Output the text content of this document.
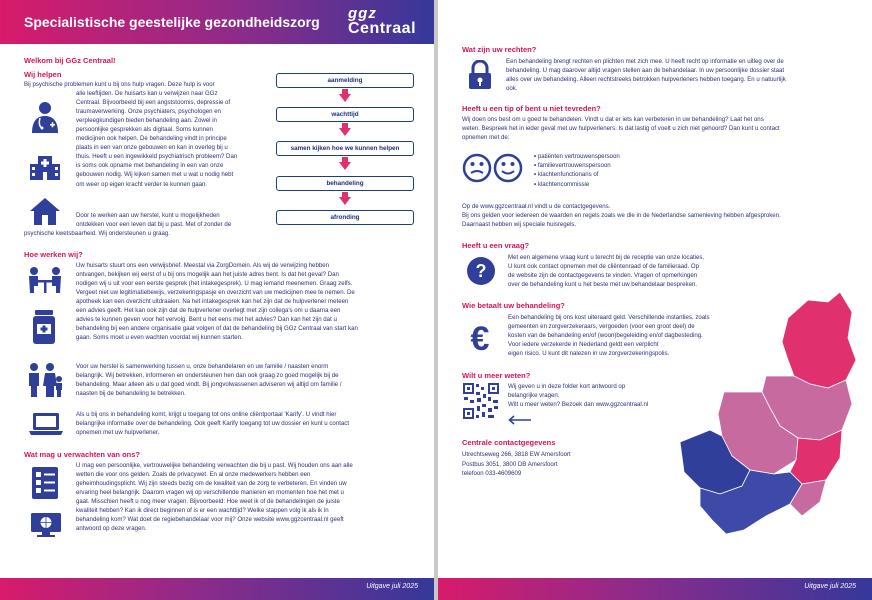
Specialistische geestelijke gezondheidszorg ggz
Centraal
Welkom bij GGz Centraal!
Wij helpen
Bij psychische problemen kunt u bij ons hulp vragen. Deze hulp is voor
alle leeftijden. De huisarts kan u verwijzen naar GGz
Centraal. Bijvoorbeeld bij een angststoornis, depressie of
traumaverwerking. Onze psychiaters, psychologen en
verpleegkundigen bieden behandeling aan. Zowel in
persoonlijke gesprekken als digitaal. Soms kunnen
medicijnen ook helpen. De behandeling vindt in principe
plaats in een van onze gebouwen en kan in overleg bij u
thuis. Heeft u een ingewikkeld psychiatrisch probleem? Dan
is soms ook opname met behandeling in een van onze
gebouwen nodig. Wij kijken samen met u wat u nodig hebt
om weer op eigen kracht verder te kunnen gaan.
Door te werken aan uw herstel, kunt u mogelijkheden
ontdekken voor een leven dat bij u past. Met of zonder de
psychische kwetsbaarheid. Wij ondersteunen u graag.
aanmelding
wachttijd
samen kijken hoe we kunnen helpen
behandeling
afronding
Hoe werken wij?
Uw huisarts stuurt ons een verwijsbrief. Meestal via ZorgDomein. Als wij de verwijzing hebben
ontvangen, bekijken wij eerst of u bij ons mogelijk aan het juiste adres bent. Is dat het geval? Dan
nodigen wij u uit voor een eerste gesprek (het intakegesprek). U mag iemand meenemen. Graag zelfs.
Vergeet niet uw legitimatiebewijs, verzekeringspasje en overzicht van uw medicijnen mee te nemen. De
apotheek kan een overzicht uitdraaien. Na het intakegesprek kan het zijn dat de hulpverlener meteen
een advies geeft. Het kan ook zijn dat de hulpverlener overlegt met zijn collega's om u daarna een
advies te kunnen geven voor het vervolg. Bent u het eens met het advies? Dan kan het zijn dat u
behandeling bij een andere organisatie gaat volgen of dat de behandeling bij GGz Centraal van start kan
gaan. Soms moet u even wachten voordat wij kunnen starten.
Voor uw herstel is samenwerking tussen u, onze behandelaren en uw familie / naasten enorm
belangrijk. Wij betrekken, informeren en ondersteunen hen dan ook graag zo goed mogelijk bij de
behandeling. Maar alleen als u dat goed vindt. Bij jongvolwassenen adviseren wij altijd om familie /
naasten bij de behandeling te betrekken.
Als u bij ons in behandeling komt, krijgt u toegang tot ons online cliëntportaal 'Karify'. U vindt hier
belangrijke informatie over de behandeling. Ook geeft Karify toegang tot uw dossier en kunt u contact
opnemen met uw hulpverlener.
Wat mag u verwachten van ons?
U mag een persoonlijke, vertrouwelijke behandeling verwachten die bij u past. Wij houden ons aan alle
wetten die voor ons gelden. Zoals de privacywet. En al onze medewerkers hebben een
geheimhoudingsplicht. Wij zijn steeds bezig om de kwaliteit van de zorg te verbeteren. En vinden uw
ervaring heel belangrijk. Daarom vragen wij op verschillende manieren en momenten hoe het met u
gaat. Misschien heeft u nog meer vragen. Bijvoorbeeld: Hoe weet ik of de behandelingen de juiste
kwaliteit hebben? Kan ik direct beginnen of is er een wachttijd? Welke stappen volg ik als ik in
behandeling kom? Wat doet de regiebehandelaar voor mij? Onze website www.ggzcentraal.nl geeft
antwoord op deze vragen.
Uitgave juli 2025
Wat zijn uw rechten?
Een behandeling brengt rechten en plichten met zich mee. U heeft recht op informatie en uitleg over de
behandeling. U mag daarover altijd vragen stellen aan de behandelaar. In uw persoonlijke dossier staat
alles over uw behandeling. Alleen rechtstreeks betrokken hulpverleners hebben toegang. En u natuurlijk
ook.
Heeft u een tip of bent u niet tevreden?
Wij doen ons best om u goed te behandelen. Vindt u dat er iets kan verbeteren in uw behandeling? Laat het ons
weten. Bespreek het in ieder geval met uw hulpverleners. Is dat lastig of voelt u zich niet gehoord? Dan kunt u contact
opnemen met de:
• patiënten vertrouwenspersoon
• familievertrouwenspersoon
• klachtenfunctionaris of
• klachtencommissie
Op de www.ggzcentraal.nl vindt u de contactgegevens.
Bij ons gelden voor iedereen de waarden en regels zoals we die in de Nederlandse samenleving hebben afgesproken.
Daarnaast hebben wij speciale huisregels.
Heeft u een vraag?
?
Met een algemene vraag kunt u terecht bij de receptie van onze locaties.
U kunt ook contact opnemen met de cliëntenraad of de familieraad. Op
de website zijn de contactgegevens te vinden. Vragen of opmerkingen
over de behandeling kunt u het beste met uw behandelaar bespreken.
Wie betaalt uw behandeling?
€
Een behandeling bij ons kost uiteraard geld. Verschillende instanties, zoals
gemeenten en zorgverzekeraars, vergoeden (voor een groot deel) de
kosten van de behandeling en/of (woon)begeleiding en/of dagbesteding.
Voor iedere verzekerde in Nederland geldt een verplicht
eigen risico. U kunt dit nalezen in uw zorgverzekeringspolis.
Wilt u meer weten?
Wij geven u in deze folder kort antwoord op
belangrijke vragen.
Wilt u meer weten? Bezoek dan www.ggzcentraal.nl
Centrale contactgegevens
Utrechtseweg 266, 3818 EW Amersfoort
Postbus 3051, 3800 DB Amersfoort
telefoon 033-4609609
Uitgave juli 2025
